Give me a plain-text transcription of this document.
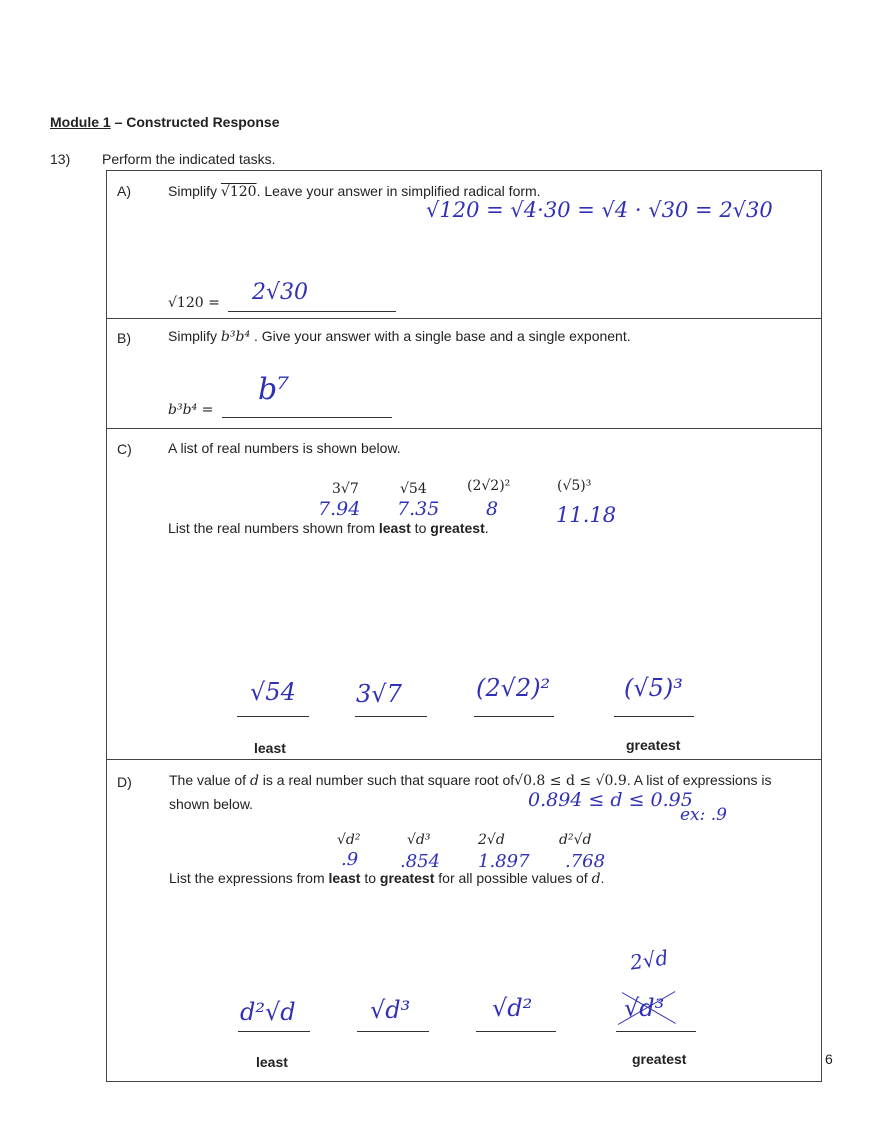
Module 1 – Constructed Response
13) Perform the indicated tasks.
A)	Simplify √120. Leave your answer in simplified radical form.
√120 = √4·30 = √4 · √30 = 2√30
√120 = 2√30
B)	Simplify b³b⁴ . Give your answer with a single base and a single exponent.
b³b⁴ =
b⁷
C)	A list of real numbers is shown below.
3√7	√54	(2√2)²	(√5)³
7.94 7.35 8	11.18
List the real numbers shown from least to greatest.
√54	3√7	(2√2)²	(√5)³
least	greatest
D)	The value of d is a real number such that square root of√0.8 ≤ d ≤ √0.9. A list of expressions is
shown below.	0.894 ≤ d ≤ 0.95
ex: .9
√d²	√d³	2√d	d²√d
.9 .854 1.897 .768
List the expressions from least to greatest for all possible values of d.
2√d
d²√d	√d³	√d²	√d³
least	greatest	6
